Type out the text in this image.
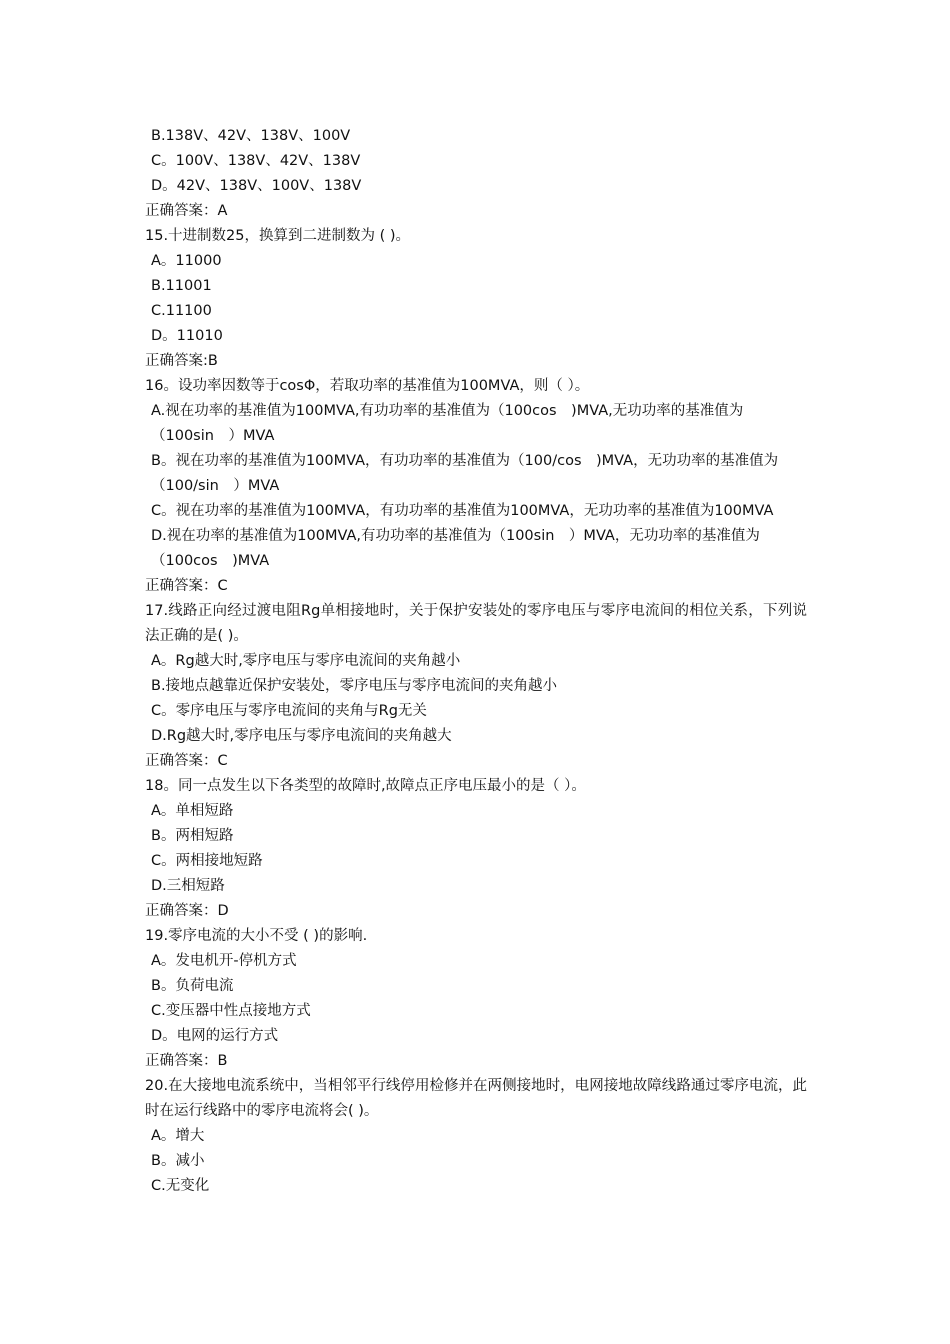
B.138V、42V、138V、100V
C。100V、138V、42V、138V
D。42V、138V、100V、138V
正确答案：A
15.十进制数25，换算到二进制数为 ( )。
A。11000
B.11001
C.11100
D。11010
正确答案:B
16。设功率因数等于cosΦ，若取功率的基准值为100MVA，则（ ）。
A.视在功率的基准值为100MVA,有功功率的基准值为（100cos　)MVA,无功功率的基准值为（100sin　）MVA
B。视在功率的基准值为100MVA，有功功率的基准值为（100/cos　)MVA，无功功率的基准值为（100/sin　）MVA
C。视在功率的基准值为100MVA，有功功率的基准值为100MVA，无功功率的基准值为100MVA
D.视在功率的基准值为100MVA,有功功率的基准值为（100sin　）MVA，无功功率的基准值为（100cos　)MVA
正确答案：C
17.线路正向经过渡电阻Rg单相接地时，关于保护安装处的零序电压与零序电流间的相位关系，下列说法正确的是( )。
A。Rg越大时,零序电压与零序电流间的夹角越小
B.接地点越靠近保护安装处，零序电压与零序电流间的夹角越小
C。零序电压与零序电流间的夹角与Rg无关
D.Rg越大时,零序电压与零序电流间的夹角越大
正确答案：C
18。同一点发生以下各类型的故障时,故障点正序电压最小的是（ ）。
A。单相短路
B。两相短路
C。两相接地短路
D.三相短路
正确答案：D
19.零序电流的大小不受 ( )的影响.
A。发电机开-停机方式
B。负荷电流
C.变压器中性点接地方式
D。电网的运行方式
正确答案：B
20.在大接地电流系统中，当相邻平行线停用检修并在两侧接地时，电网接地故障线路通过零序电流，此时在运行线路中的零序电流将会( )。
A。增大
B。减小
C.无变化
